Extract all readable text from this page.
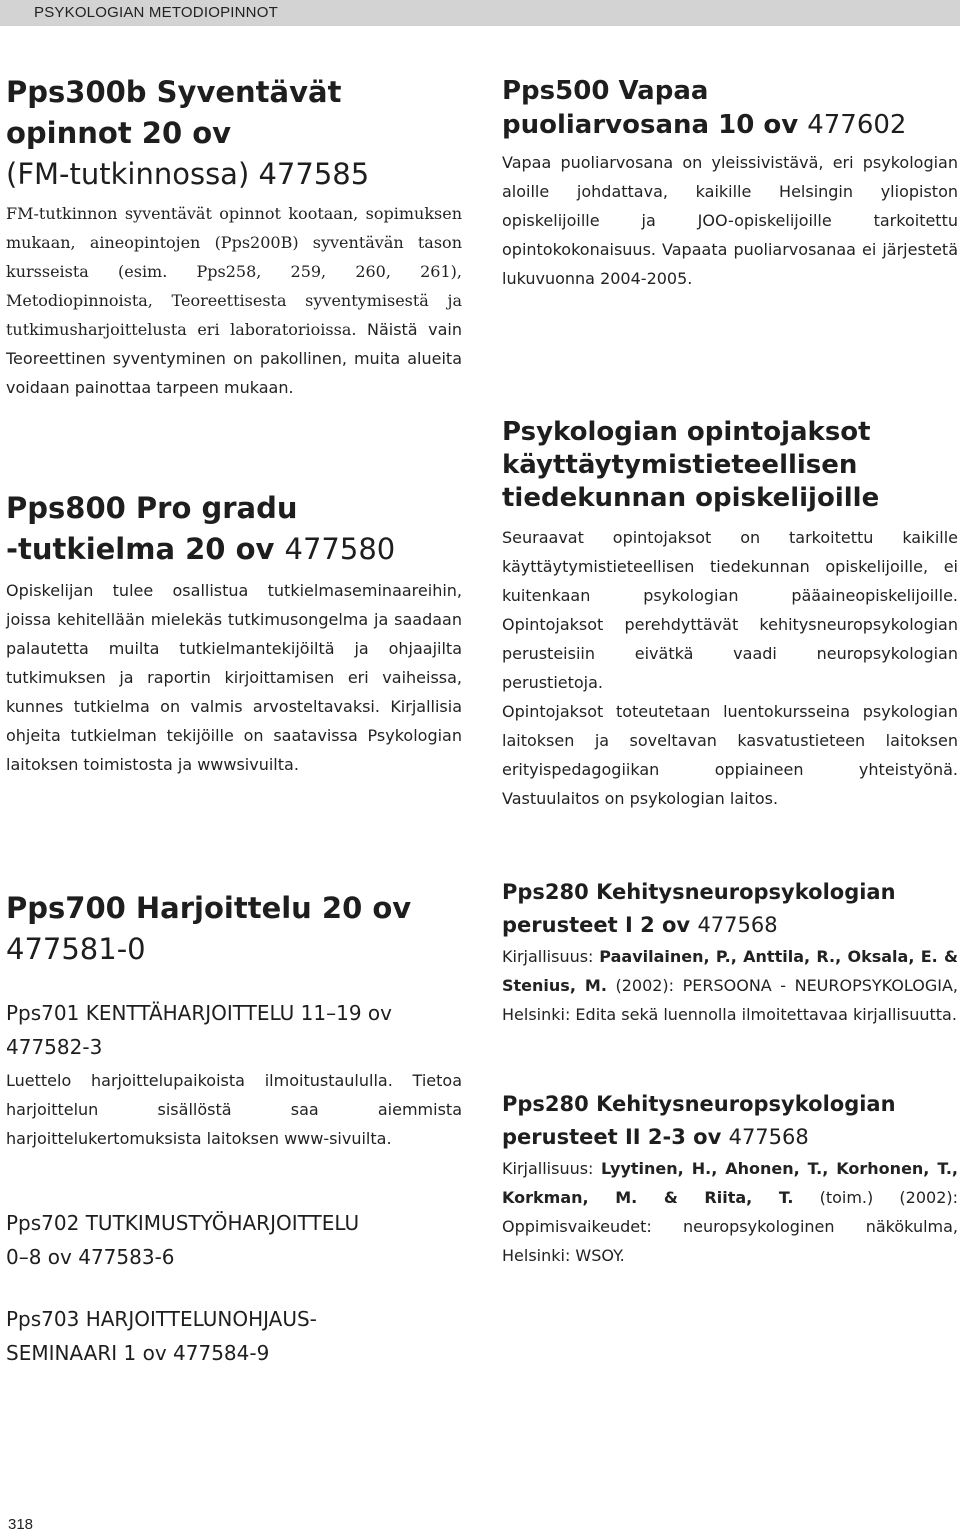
PSYKOLOGIAN METODIOPINNOT

Pps300b Syventävät

opinnot 20 ov

(FM-tutkinnossa) 477585

FM-tutkinnon syventävät opinnot kootaan, sopimuksen mukaan, aineopintojen (Pps200B) syventävän tason kursseista (esim. Pps258, 259, 260, 261), Metodiopinnoista, Teoreettisesta syventymisestä ja tutkimusharjoittelusta eri laboratorioissa. Näistä vain Teoreettinen syventyminen on pakollinen, muita alueita voidaan painottaa tarpeen mukaan.

Pps800 Pro gradu

-tutkielma 20 ov 477580

Opiskelijan tulee osallistua tutkielmaseminaareihin, joissa kehitellään mielekäs tutkimusongelma ja saadaan palautetta muilta tutkielmantekijöiltä ja ohjaajilta tutkimuksen ja raportin kirjoittamisen eri vaiheissa, kunnes tutkielma on valmis arvosteltavaksi. Kirjallisia ohjeita tutkielman tekijöille on saatavissa Psykologian laitoksen toimistosta ja wwwsivuilta.

Pps700 Harjoittelu 20 ov

477581-0

Pps701 KENTTÄHARJOITTELU 11–19 ov

477582-3

Luettelo harjoittelupaikoista ilmoitustaululla. Tietoa harjoittelun sisällöstä saa aiemmista harjoittelukertomuksista laitoksen www-sivuilta.

Pps702 TUTKIMUSTYÖHARJOITTELU

0–8 ov 477583-6

Pps703 HARJOITTELUNOHJAUS-

SEMINAARI 1 ov 477584-9

Pps500 Vapaa

puoliarvosana 10 ov 477602

Vapaa puoliarvosana on yleissivistävä, eri psykologian aloille johdattava, kaikille Helsingin yliopiston opiskelijoille ja JOO-opiskelijoille tarkoitettu opintokokonaisuus. Vapaata puoliarvosanaa ei järjestetä lukuvuonna 2004-2005.

Psykologian opintojaksot

käyttäytymistieteellisen

tiedekunnan opiskelijoille

Seuraavat opintojaksot on tarkoitettu kaikille käyttäytymistieteellisen tiedekunnan opiskelijoille, ei kuitenkaan psykologian pääaineopiskelijoille. Opintojaksot perehdyttävät kehitysneuropsykologian perusteisiin eivätkä vaadi neuropsykologian perustietoja.

Opintojaksot toteutetaan luentokursseina psykologian laitoksen ja soveltavan kasvatustieteen laitoksen erityispedagogiikan oppiaineen yhteistyönä. Vastuulaitos on psykologian laitos.

Pps280 Kehitysneuropsykologian

perusteet I 2 ov 477568

Kirjallisuus: Paavilainen, P., Anttila, R., Oksala, E. & Stenius, M. (2002): PERSOONA - NEUROPSYKOLOGIA, Helsinki: Edita sekä luennolla ilmoitettavaa kirjallisuutta.

Pps280 Kehitysneuropsykologian

perusteet II 2-3 ov 477568

Kirjallisuus: Lyytinen, H., Ahonen, T., Korhonen, T., Korkman, M. & Riita, T. (toim.) (2002): Oppimisvaikeudet: neuropsykologinen näkökulma, Helsinki: WSOY.

318
